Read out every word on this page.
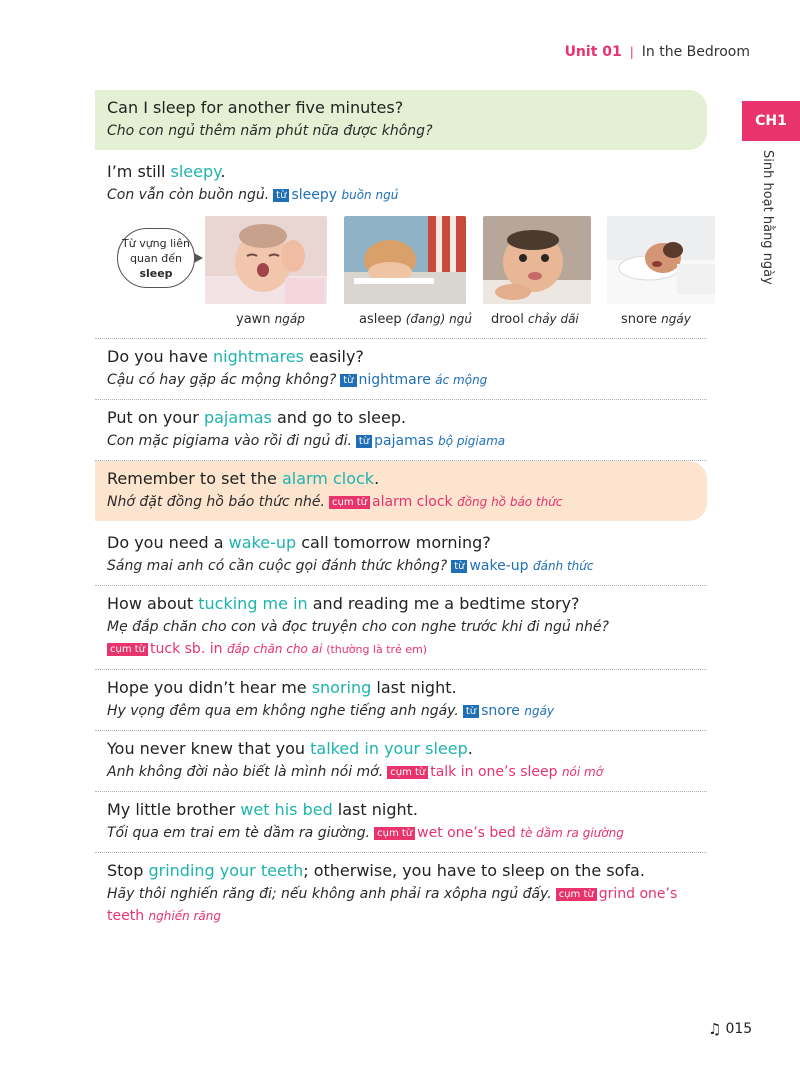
Unit 01 | In the Bedroom
CH1
Sinh hoạt hằng ngày
Can I sleep for another five minutes?
Cho con ngủ thêm năm phút nữa được không?
I’m still sleepy.
Con vẫn còn buồn ngủ. từ sleepy buồn ngủ
Từ vựng liên
quan đến
sleep
yawn ngáp	asleep (đang) ngủ drool chảy dãi	snore ngáy
Do you have nightmares easily?
Cậu có hay gặp ác mộng không? từ nightmare ác mộng
Put on your pajamas and go to sleep.
Con mặc pigiama vào rồi đi ngủ đi. từ pajamas bộ pigiama
Remember to set the alarm clock.
Nhớ đặt đồng hồ báo thức nhé. cụm từ alarm clock đồng hồ báo thức
Do you need a wake-up call tomorrow morning?
Sáng mai anh có cần cuộc gọi đánh thức không? từ wake-up đánh thức
How about tucking me in and reading me a bedtime story?
Mẹ đắp chăn cho con và đọc truyện cho con nghe trước khi đi ngủ nhé?
cụm từ tuck sb. in đắp chăn cho ai (thường là trẻ em)
Hope you didn’t hear me snoring last night.
Hy vọng đêm qua em không nghe tiếng anh ngáy. từ snore ngáy
You never knew that you talked in your sleep.
Anh không đời nào biết là mình nói mớ. cụm từ talk in one’s sleep nói mớ
My little brother wet his bed last night.
Tối qua em trai em tè dầm ra giường. cụm từ wet one’s bed tè dầm ra giường
Stop grinding your teeth; otherwise, you have to sleep on the sofa.
Hãy thôi nghiến răng đi; nếu không anh phải ra xôpha ngủ đấy. cụm từ grind one’s teeth nghiến răng
♫ 015
